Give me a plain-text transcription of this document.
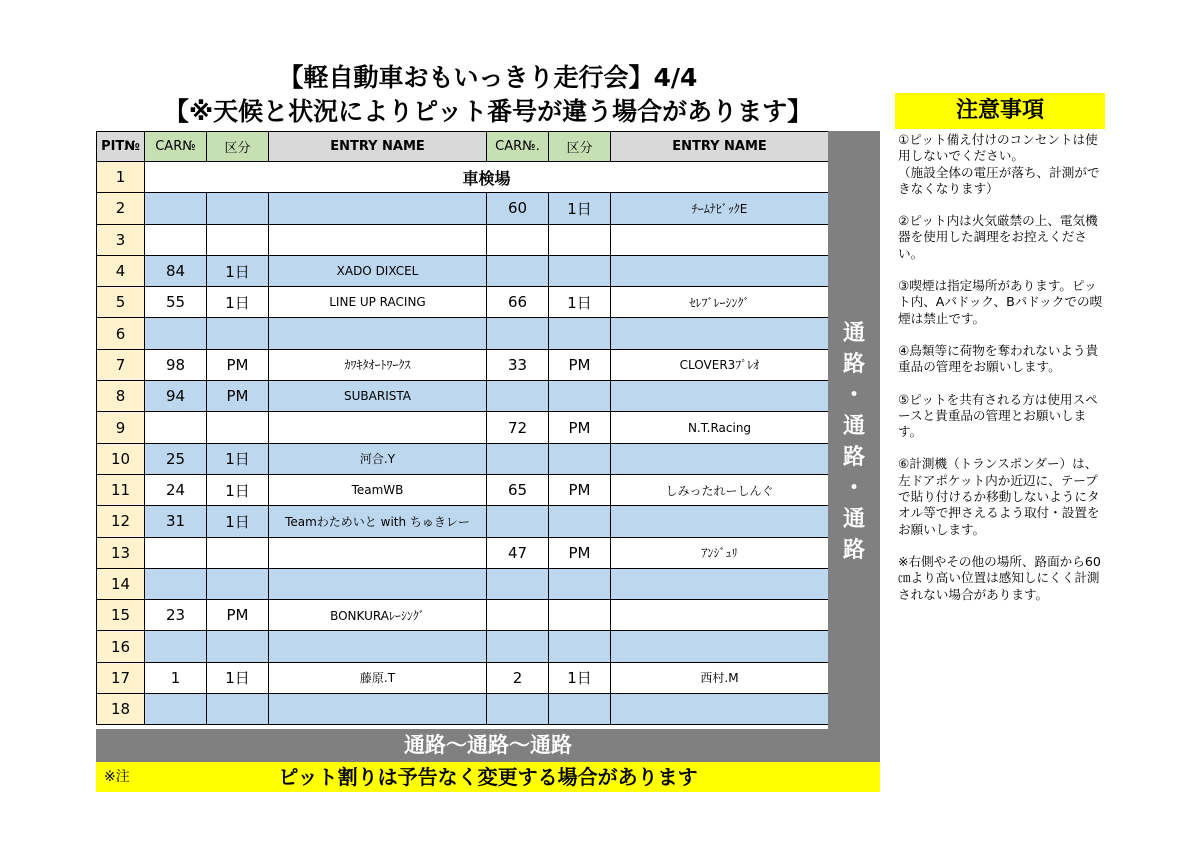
【軽自動車おもいっきり走行会】4/4
【※天候と状況によりピット番号が違う場合があります】
PIT№	CAR№	区分	ENTRY NAME	CAR№.	区分	ENTRY NAME
1	車検場					
2				60	1日	ﾁｰﾑﾅﾋﾞｯｸE
3						
4	84	1日	XADO DIXCEL			
5	55	1日	LINE UP RACING	66	1日	ｾﾚﾌﾞﾚｰｼﾝｸﾞ
6						
7	98	PM	ｶﾜｷﾀｵｰﾄﾜｰｸｽ	33	PM	CLOVER3ﾌﾟﾚｵ
8	94	PM	SUBARISTA			
9				72	PM	N.T.Racing
10	25	1日	河合.Y			
11	24	1日	TeamWB	65	PM	しみったれーしんぐ
12	31	1日	Teamわためいと with ちゅきレー			
13				47	PM	ｱﾝｼﾞｭﾘ
14						
15	23	PM	BONKURAﾚｰｼﾝｸﾞ			
16						
17	1	1日	藤原.T	2	1日	西村.M
18						
通
路
・
通
路
・
通
路
通路～通路～通路
ピット割りは予告なく変更する場合があります
※注
注意事項

①ピット備え付けのコンセントは使用しないでください。
（施設全体の電圧が落ち、計測ができなくなります）

②ピット内は火気厳禁の上、電気機器を使用した調理をお控えください。

③喫煙は指定場所があります。ピット内、Aパドック、Bパドックでの喫煙は禁止です。

④鳥類等に荷物を奪われないよう貴重品の管理をお願いします。

⑤ピットを共有される方は使用スペースと貴重品の管理とお願いします。

⑥計測機（トランスポンダー）は、左ドアポケット内か近辺に、テープで貼り付けるか移動しないようにタオル等で押さえるよう取付・設置をお願いします。

※右側やその他の場所、路面から60㎝より高い位置は感知しにくく計測されない場合があります。
